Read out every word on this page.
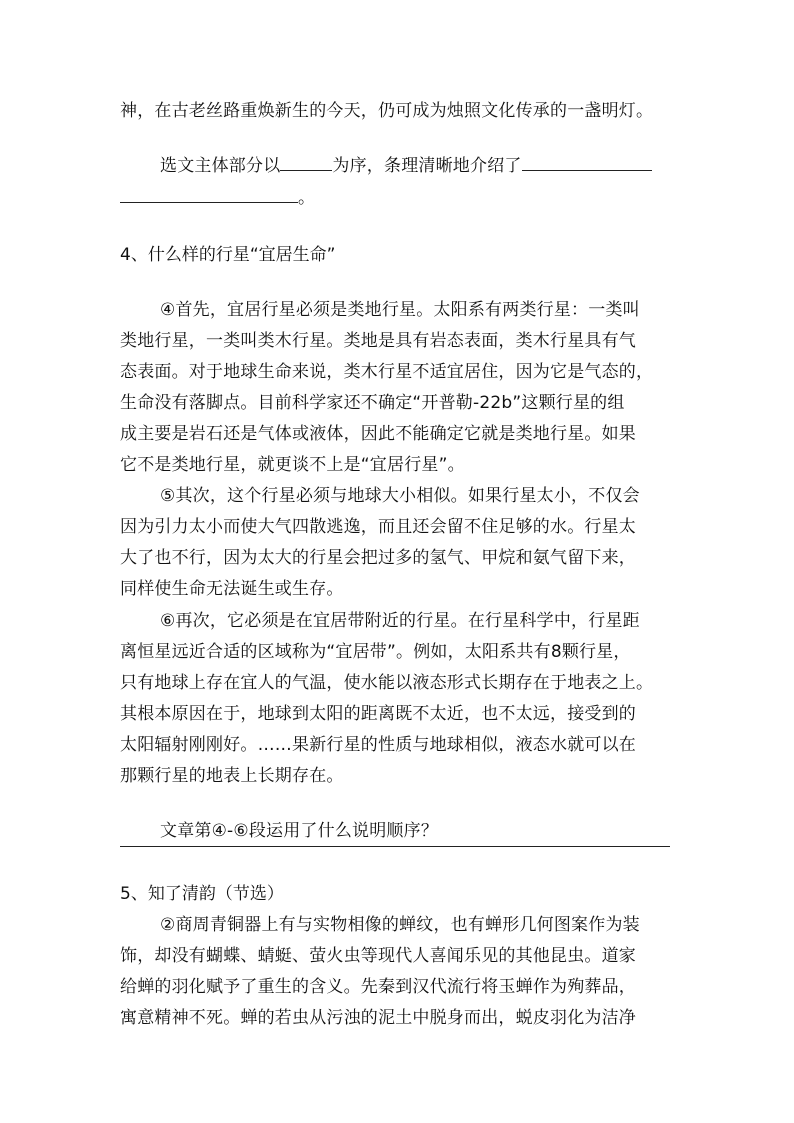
神，在古老丝路重焕新生的今天，仍可成为烛照文化传承的一盏明灯。
选文主体部分以	为序，条理清晰地介绍了
。
4、什么样的行星“宜居生命”
④首先，宜居行星必须是类地行星。太阳系有两类行星：一类叫
类地行星，一类叫类木行星。类地是具有岩态表面，类木行星具有气
态表面。对于地球生命来说，类木行星不适宜居住，因为它是气态的，
生命没有落脚点。目前科学家还不确定“开普勒-22b”这颗行星的组
成主要是岩石还是气体或液体，因此不能确定它就是类地行星。如果
它不是类地行星，就更谈不上是“宜居行星”。
⑤其次，这个行星必须与地球大小相似。如果行星太小，不仅会
因为引力太小而使大气四散逃逸，而且还会留不住足够的水。行星太
大了也不行，因为太大的行星会把过多的氢气、甲烷和氨气留下来，
同样使生命无法诞生或生存。
⑥再次，它必须是在宜居带附近的行星。在行星科学中，行星距
离恒星远近合适的区域称为“宜居带”。例如，太阳系共有8颗行星，
只有地球上存在宜人的气温，使水能以液态形式长期存在于地表之上。
其根本原因在于，地球到太阳的距离既不太近，也不太远，接受到的
太阳辐射刚刚好。……果新行星的性质与地球相似，液态水就可以在
那颗行星的地表上长期存在。
文章第④-⑥段运用了什么说明顺序？
5、知了清韵（节选）
②商周青铜器上有与实物相像的蝉纹，也有蝉形几何图案作为装
饰，却没有蝴蝶、蜻蜓、萤火虫等现代人喜闻乐见的其他昆虫。道家
给蝉的羽化赋予了重生的含义。先秦到汉代流行将玉蝉作为殉葬品，
寓意精神不死。蝉的若虫从污浊的泥土中脱身而出，蜕皮羽化为洁净
